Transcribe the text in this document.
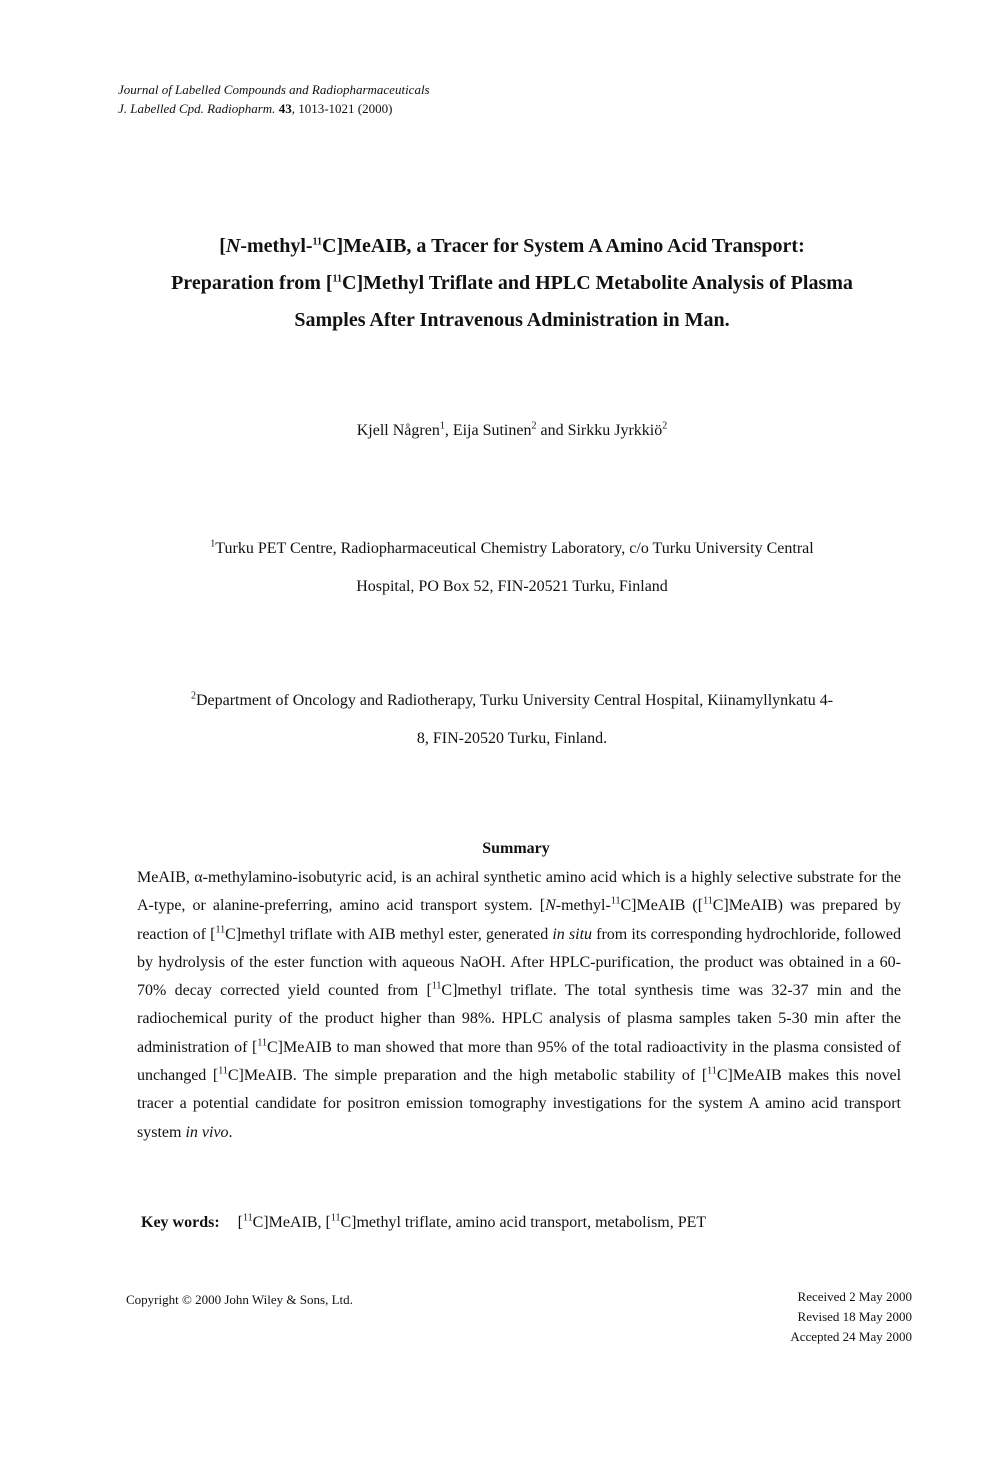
Journal of Labelled Compounds and Radiopharmaceuticals
J. Labelled Cpd. Radiopharm. 43, 1013-1021 (2000)
[N-methyl-$^{11}$C]MeAIB, a Tracer for System A Amino Acid Transport:
Preparation from [$^{11}$C]Methyl Triflate and HPLC Metabolite Analysis of Plasma
Samples After Intravenous Administration in Man.
Kjell Någren$^1$, Eija Sutinen$^2$ and Sirkku Jyrkkiö$^2$
$^1$Turku PET Centre, Radiopharmaceutical Chemistry Laboratory, c/o Turku University Central
Hospital, PO Box 52, FIN-20521 Turku, Finland
$^2$Department of Oncology and Radiotherapy, Turku University Central Hospital, Kiinamyllynkatu 4-
8, FIN-20520 Turku, Finland.
Summary
MeAIB, α-methylamino-isobutyric acid, is an achiral synthetic amino acid which is a highly selective substrate for the A-type, or alanine-preferring, amino acid transport system. [N-methyl-$^{11}$C]MeAIB ([$^{11}$C]MeAIB) was prepared by reaction of [$^{11}$C]methyl triflate with AIB methyl ester, generated in situ from its corresponding hydrochloride, followed by hydrolysis of the ester function with aqueous NaOH. After HPLC-purification, the product was obtained in a 60-70% decay corrected yield counted from [$^{11}$C]methyl triflate. The total synthesis time was 32-37 min and the radiochemical purity of the product higher than 98%. HPLC analysis of plasma samples taken 5-30 min after the administration of [$^{11}$C]MeAIB to man showed that more than 95% of the total radioactivity in the plasma consisted of unchanged [$^{11}$C]MeAIB. The simple preparation and the high metabolic stability of [$^{11}$C]MeAIB makes this novel tracer a potential candidate for positron emission tomography investigations for the system A amino acid transport system in vivo.
Key words: [$^{11}$C]MeAIB, [$^{11}$C]methyl triflate, amino acid transport, metabolism, PET
Copyright © 2000 John Wiley & Sons, Ltd.	Received 2 May 2000
Revised 18 May 2000
Accepted 24 May 2000
